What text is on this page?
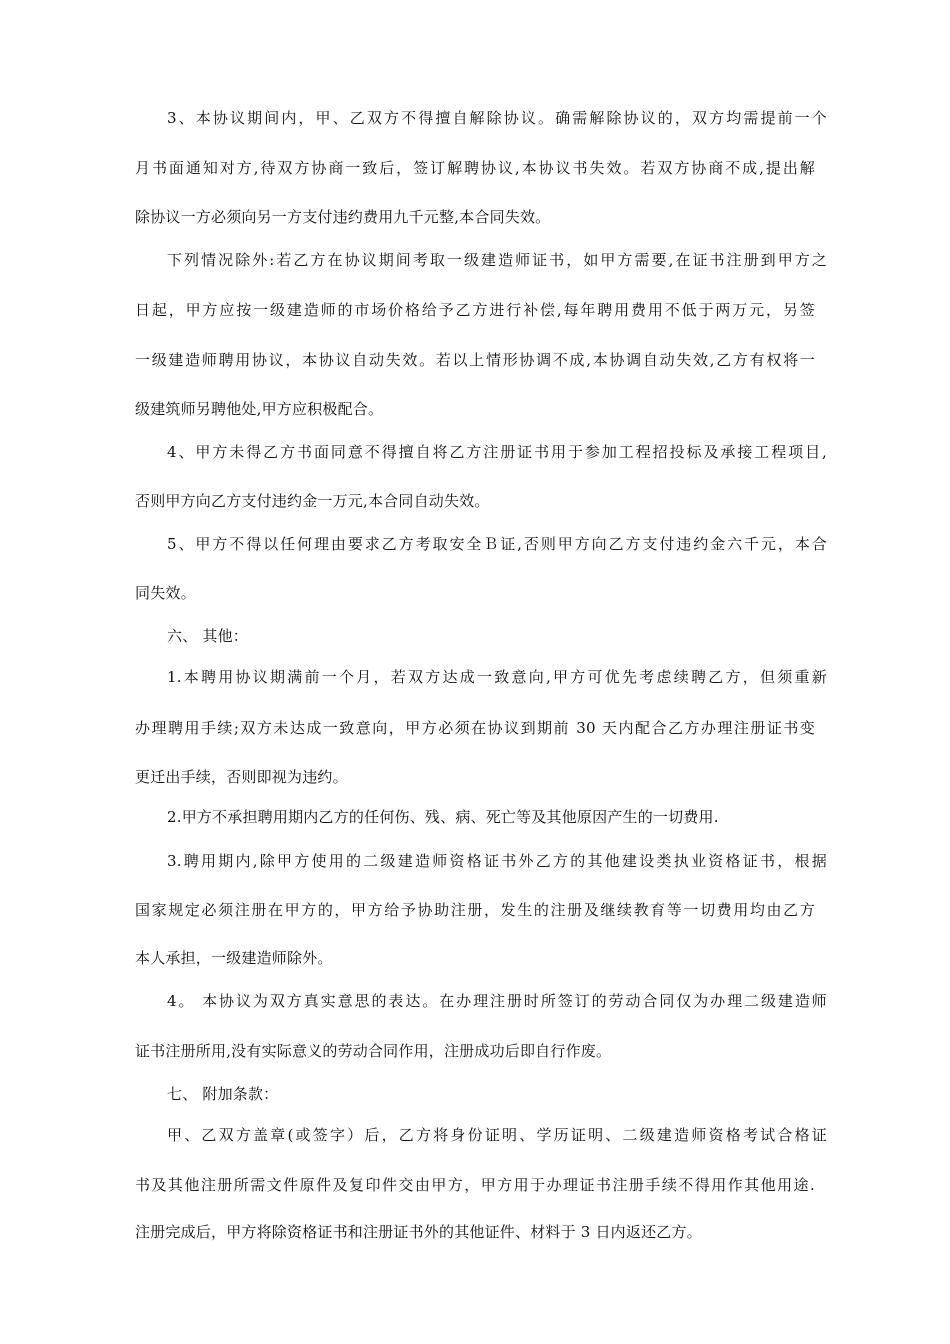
3、本协议期间内，甲、乙双方不得擅自解除协议。确需解除协议的，双方均需提前一个
月书面通知对方,待双方协商一致后，签订解聘协议,本协议书失效。若双方协商不成,提出解
除协议一方必须向另一方支付违约费用九千元整,本合同失效。
下列情况除外:若乙方在协议期间考取一级建造师证书，如甲方需要,在证书注册到甲方之
日起，甲方应按一级建造师的市场价格给予乙方进行补偿,每年聘用费用不低于两万元，另签
一级建造师聘用协议，本协议自动失效。若以上情形协调不成,本协调自动失效,乙方有权将一
级建筑师另聘他处,甲方应积极配合。
4、甲方未得乙方书面同意不得擅自将乙方注册证书用于参加工程招投标及承接工程项目,
否则甲方向乙方支付违约金一万元,本合同自动失效。
5、甲方不得以任何理由要求乙方考取安全Ｂ证,否则甲方向乙方支付违约金六千元，本合
同失效。
六、 其他：
1.本聘用协议期满前一个月，若双方达成一致意向,甲方可优先考虑续聘乙方，但须重新
办理聘用手续;双方未达成一致意向，甲方必须在协议到期前 30 天内配合乙方办理注册证书变
更迁出手续，否则即视为违约。
2.甲方不承担聘用期内乙方的任何伤、残、病、死亡等及其他原因产生的一切费用.
3.聘用期内,除甲方使用的二级建造师资格证书外乙方的其他建设类执业资格证书，根据
国家规定必须注册在甲方的，甲方给予协助注册，发生的注册及继续教育等一切费用均由乙方
本人承担，一级建造师除外。
4。 本协议为双方真实意思的表达。在办理注册时所签订的劳动合同仅为办理二级建造师
证书注册所用,没有实际意义的劳动合同作用，注册成功后即自行作废。
七、 附加条款：
甲、乙双方盖章(或签字）后，乙方将身份证明、学历证明、二级建造师资格考试合格证
书及其他注册所需文件原件及复印件交由甲方，甲方用于办理证书注册手续不得用作其他用途.
注册完成后，甲方将除资格证书和注册证书外的其他证件、材料于 3 日内返还乙方。
